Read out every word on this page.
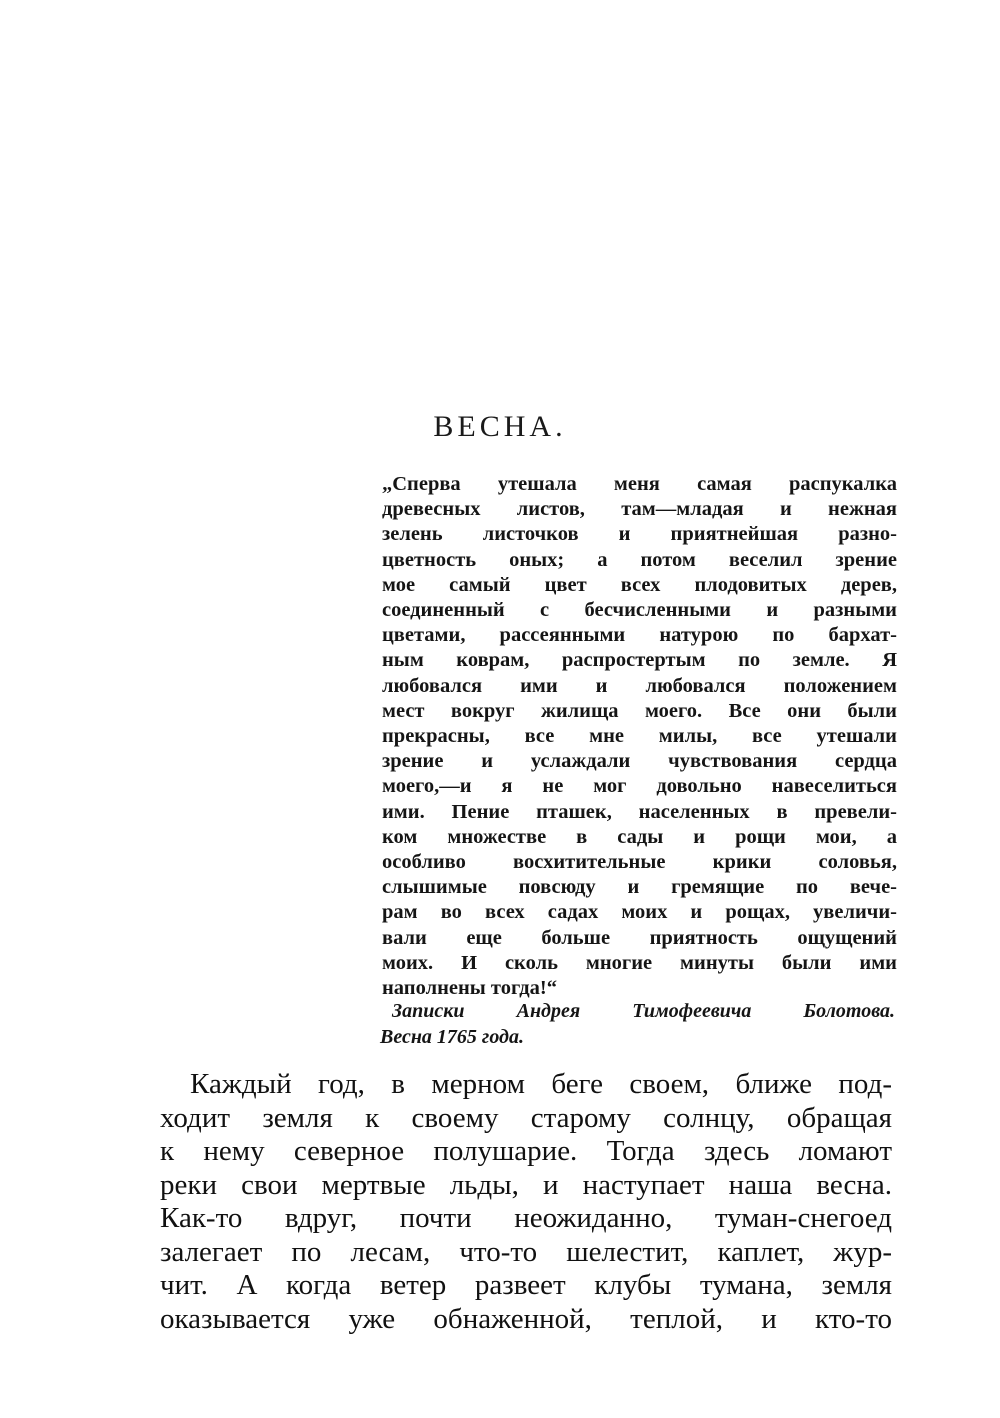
ВЕСНА.
„Сперва утешала меня самая распукалка
древесных листов, там—младая и нежная
зелень листочков и приятнейшая разно-
цветность оных; а потом веселил зрение
мое самый цвет всех плодовитых дерев,
соединенный с бесчисленными и разными
цветами, рассеянными натурою по бархат-
ным коврам, распростертым по земле. Я
любовался ими и любовался положением
мест вокруг жилища моего. Все они были
прекрасны, все мне милы, все утешали
зрение и услаждали чувствования сердца
моего,—и я не мог довольно навеселиться
ими. Пение пташек, населенных в превели-
ком множестве в сады и рощи мои, а
особливо восхитительные крики соловья,
слышимые повсюду и гремящие по вече-
рам во всех садах моих и рощах, увеличи-
вали еще больше приятность ощущений
моих. И сколь многие минуты были ими
наполнены тогда!“
Записки Андрея Тимофеевича Болотова.
Весна 1765 года.
Каждый год, в мерном беге своем, ближе под-
ходит земля к своему старому солнцу, обращая
к нему северное полушарие. Тогда здесь ломают
реки свои мертвые льды, и наступает наша весна.
Как-то вдруг, почти неожиданно, туман-снегоед
залегает по лесам, что-то шелестит, каплет, жур-
чит. А когда ветер развеет клубы тумана, земля
оказывается уже обнаженной, теплой, и кто-то
